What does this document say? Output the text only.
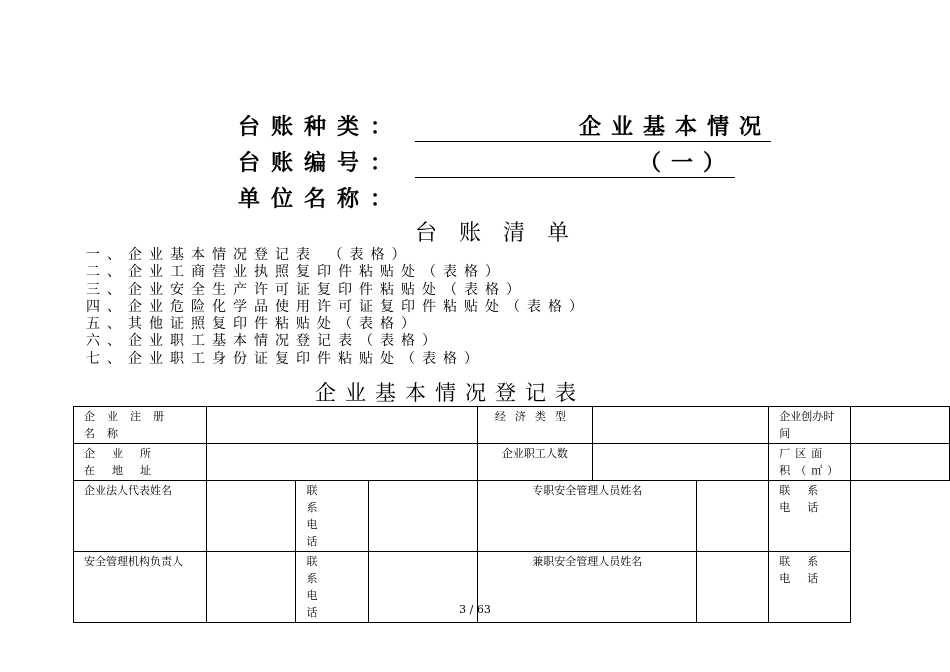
台账种类：	企业基本情况
台账编号：	（一）
单位名称：
台账清单
一、企业基本情况登记表 （表格）
二、企业工商营业执照复印件粘贴处（表格）
三、企业安全生产许可证复印件粘贴处（表格）
四、企业危险化学品使用许可证复印件粘贴处（表格）
五、其他证照复印件粘贴处（表格）
六、企业职工基本情况登记表（表格）
七、企业职工身份证复印件粘贴处（表格）
企业基本情况登记表
企业注册名称				经济类型			企业创办时间	
企业所在地址				企业职工人数			厂区面积（㎡）	
企业法人代表姓名		联系电话		专职安全管理人员姓名			联系电话	
安全管理机构负责人		联系电话		兼职安全管理人员姓名			联系电话	
3 / 63
